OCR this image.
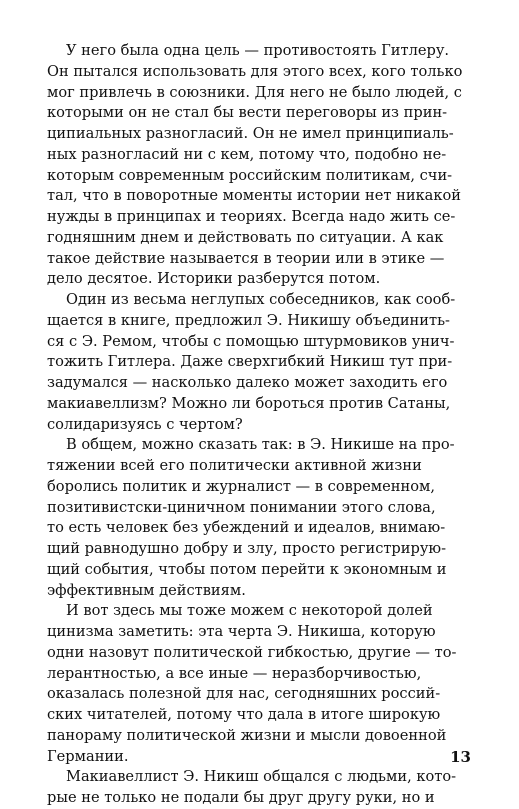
У него была одна цель — противостоять Гитлеру.
Он пытался использовать для этого всех, кого только
мог привлечь в союзники. Для него не было людей, с
которыми он не стал бы вести переговоры из прин-
ципиальных разногласий. Он не имел принципиаль-
ных разногласий ни с кем, потому что, подобно не-
которым современным российским политикам, счи-
тал, что в поворотные моменты истории нет никакой
нужды в принципах и теориях. Всегда надо жить се-
годняшним днем и действовать по ситуации. А как
такое действие называется в теории или в этике —
дело десятое. Историки разберутся потом.
Один из весьма неглупых собеседников, как сооб-
щается в книге, предложил Э. Никишу объединить-
ся с Э. Ремом, чтобы с помощью штурмовиков унич-
тожить Гитлера. Даже сверхгибкий Никиш тут при-
задумался — насколько далеко может заходить его
макиавеллизм? Можно ли бороться против Сатаны,
солидаризуясь с чертом?
В общем, можно сказать так: в Э. Никише на про-
тяжении всей его политически активной жизни
боролись политик и журналист — в современном,
позитивистски-циничном понимании этого слова,
то есть человек без убеждений и идеалов, внимаю-
щий равнодушно добру и злу, просто регистрирую-
щий события, чтобы потом перейти к экономным и
эффективным действиям.
И вот здесь мы тоже можем с некоторой долей
цинизма заметить: эта черта Э. Никиша, которую
одни назовут политической гибкостью, другие — то-
лерантностью, а все иные — неразборчивостью,
оказалась полезной для нас, сегодняшних россий-
ских читателей, потому что дала в итоге широкую
панораму политической жизни и мысли довоенной
Германии.
Макиавеллист Э. Никиш общался с людьми, кото-
рые не только не подали бы друг другу руки, но и
13
